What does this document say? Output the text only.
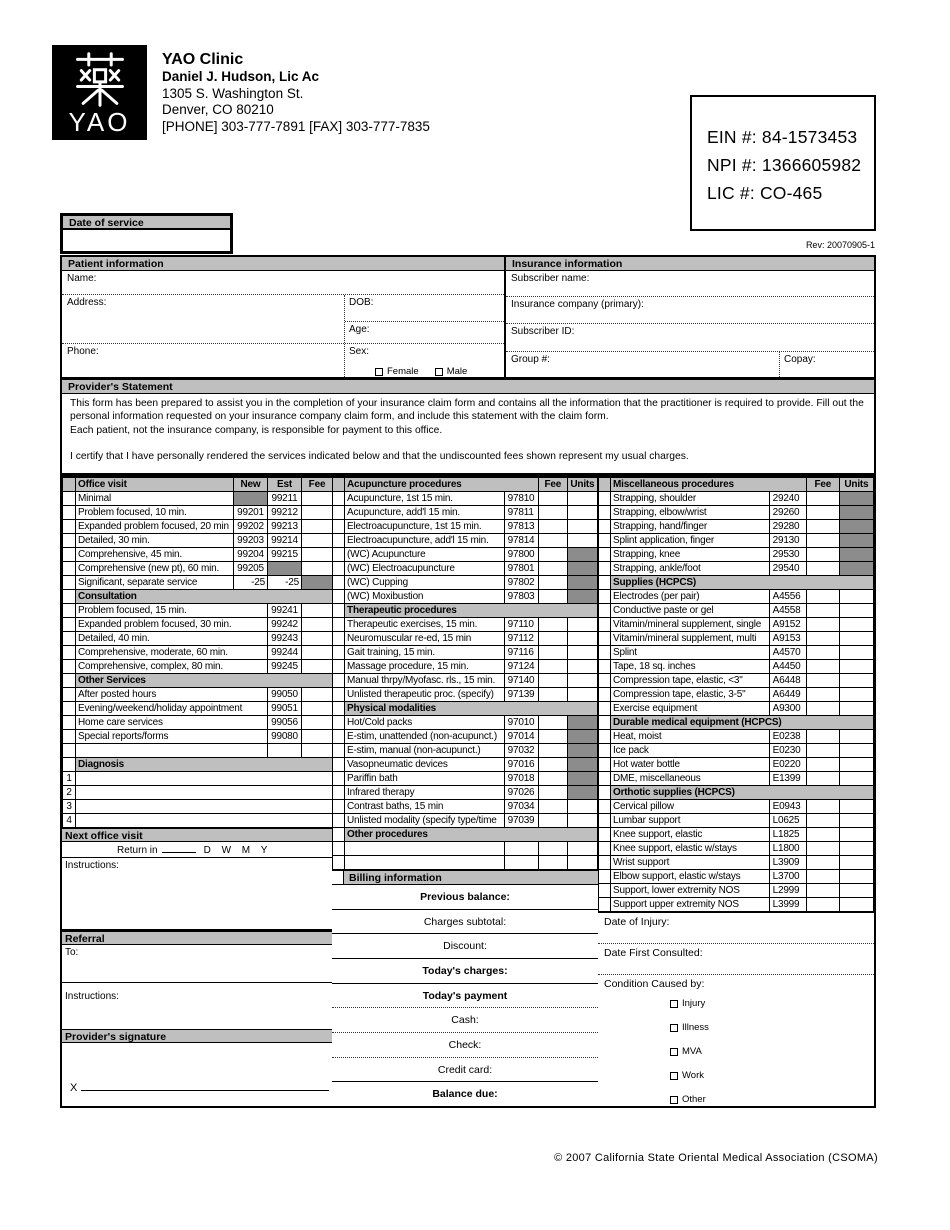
YAO
YAO Clinic
Daniel J. Hudson, Lic Ac
1305 S. Washington St.
Denver, CO 80210
[PHONE] 303-777-7891 [FAX] 303-777-7835
EIN #: 84-1573453
NPI #: 1366605982
LIC #: CO-465
Date of service
Rev: 20070905-1
Patient information
Name:
Address:	DOB:
Age:
Phone:	Sex:
Female	Male
Insurance information
Subscriber name:
Insurance company (primary):
Subscriber ID:
Group #:	Copay:
Provider's Statement
This form has been prepared to assist you in the completion of your insurance claim form and contains all the information that the practitioner is required to provide. Fill out the personal information requested on your insurance company claim form, and include this statement with the claim form.
Each patient, not the insurance company, is responsible for payment to this office.
I certify that I have personally rendered the services indicated below and that the undiscounted fees shown represent my usual charges.
	Office visit	New	Est	Fee
	Minimal		99211	
	Problem focused, 10 min.	99201	99212	
	Expanded problem focused, 20 min	99202	99213	
	Detailed, 30 min.	99203	99214	
	Comprehensive, 45 min.	99204	99215	
	Comprehensive (new pt), 60 min.	99205		
	Significant, separate service	-25	-25	
	Consultation			
	Problem focused, 15 min.		99241	
	Expanded problem focused, 30 min.		99242	
	Detailed, 40 min.		99243	
	Comprehensive, moderate, 60 min.		99244	
	Comprehensive, complex, 80 min.		99245	
	Other Services			
	After posted hours		99050	
	Evening/weekend/holiday appointment		99051	
	Home care services		99056	
	Special reports/forms		99080	

	Diagnosis			
1				
2				
3				
4				
Next office visit
Return in	D W M Y
Instructions:
Referral
To:
Instructions:
Provider's signature
X
	Acupuncture procedures		Fee	Units
	Acupuncture, 1st 15 min.	97810		
	Acupuncture, add'l 15 min.	97811		
	Electroacupuncture, 1st 15 min.	97813		
	Electroacupuncture, add'l 15 min.	97814		
	(WC) Acupuncture	97800		
	(WC) Electroacupuncture	97801		
	(WC) Cupping	97802		
	(WC) Moxibustion	97803		
	Therapeutic procedures			
	Therapeutic exercises, 15 min.	97110		
	Neuromuscular re-ed, 15 min	97112		
	Gait training, 15 min.	97116		
	Massage procedure, 15 min.	97124		
	Manual thrpy/Myofasc. rls., 15 min.	97140		
	Unlisted therapeutic proc. (specify)	97139		
	Physical modalities			
	Hot/Cold packs	97010		
	E-stim, unattended (non-acupunct.)	97014		
	E-stim, manual (non-acupunct.)	97032		
	Vasopneumatic devices	97016		
	Pariffin bath	97018		
	Infrared therapy	97026		
	Contrast baths, 15 min	97034		
	Unlisted modality (specify type/time	97039		
	Other procedures			

Billing information
Previous balance:
Charges subtotal:
Discount:
Today's charges:
Today's payment
Cash:
Check:
Credit card:
Balance due:
	Miscellaneous procedures		Fee	Units
	Strapping, shoulder	29240		
	Strapping, elbow/wrist	29260		
	Strapping, hand/finger	29280		
	Splint application, finger	29130		
	Strapping, knee	29530		
	Strapping, ankle/foot	29540		
	Supplies (HCPCS)			
	Electrodes (per pair)	A4556		
	Conductive paste or gel	A4558		
	Vitamin/mineral supplement, single	A9152		
	Vitamin/mineral supplement, multi	A9153		
	Splint	A4570		
	Tape, 18 sq. inches	A4450		
	Compression tape, elastic, <3"	A6448		
	Compression tape, elastic, 3-5"	A6449		
	Exercise equipment	A9300		
	Durable medical equipment (HCPCS)			
	Heat, moist	E0238		
	Ice pack	E0230		
	Hot water bottle	E0220		
	DME, miscellaneous	E1399		
	Orthotic supplies (HCPCS)			
	Cervical pillow	E0943		
	Lumbar support	L0625		
	Knee support, elastic	L1825		
	Knee support, elastic w/stays	L1800		
	Wrist support	L3909		
	Elbow support, elastic w/stays	L3700		
	Support, lower extremity NOS	L2999		
	Support upper extremity NOS	L3999		
Date of Injury:
Date First Consulted:
Condition Caused by:
Injury
Illness
MVA
Work
Other
© 2007 California State Oriental Medical Association (CSOMA)
